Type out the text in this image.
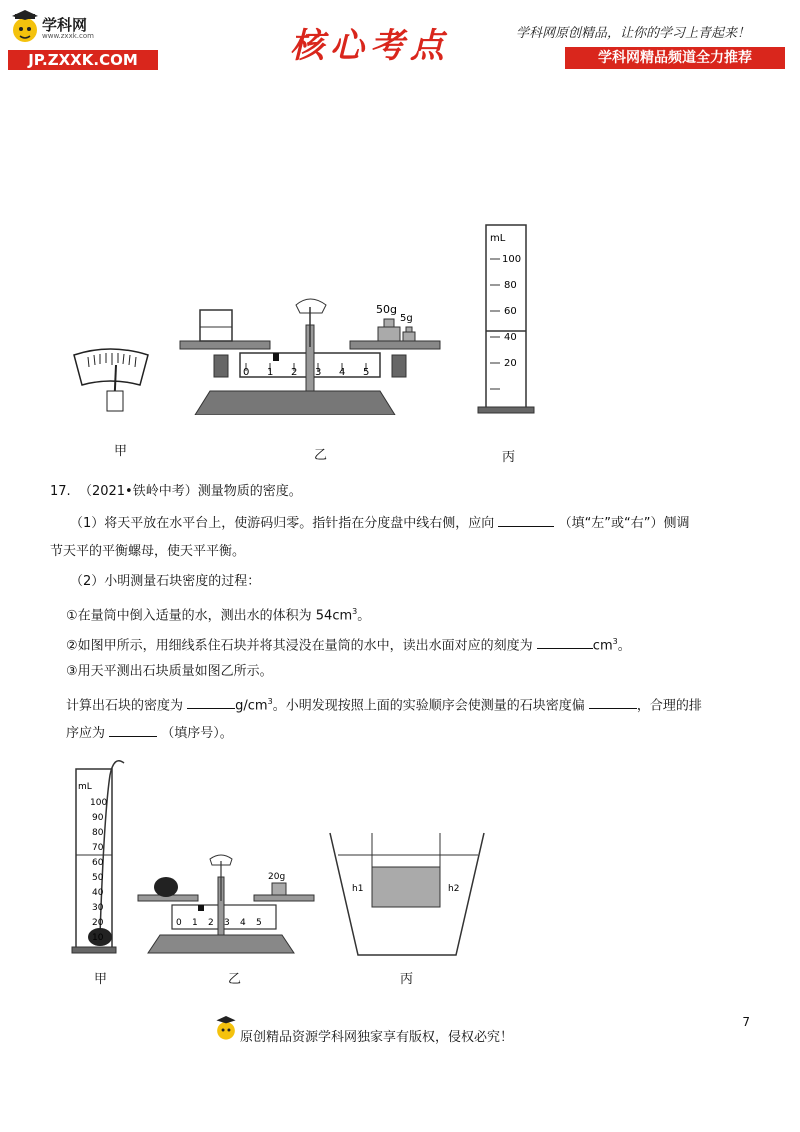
学科网
www.zxxk.com
JP.ZXXK.COM	核心考点	学科网原创精品，让你的学习上青起来！
学科网精品频道全力推荐
50g
5g
0 1 2 3 4 5
mL
100
80
60
40
20
甲	乙	丙
17. （2021•铁岭中考）测量物质的密度。
（1）将天平放在水平台上，使游码归零。指针指在分度盘中线右侧，应向	（填“左”或“右”）侧调
节天平的平衡螺母，使天平平衡。
（2）小明测量石块密度的过程：
①在量筒中倒入适量的水，测出水的体积为 $54cm^3$。
②如图甲所示，用细线系住石块并将其浸没在量筒的水中，读出水面对应的刻度为	$cm^3$。
③用天平测出石块质量如图乙所示。
计算出石块的密度为	$g/cm^3$。小明发现按照上面的实验顺序会使测量的石块密度偏	，合理的排
序应为	（填序号）。
mL
100
90
80
70
60
50
40
30
20
10
20g
0 1 2 3 4 5
h1	h2
甲	乙	丙
7
原创精品资源学科网独家享有版权，侵权必究！
